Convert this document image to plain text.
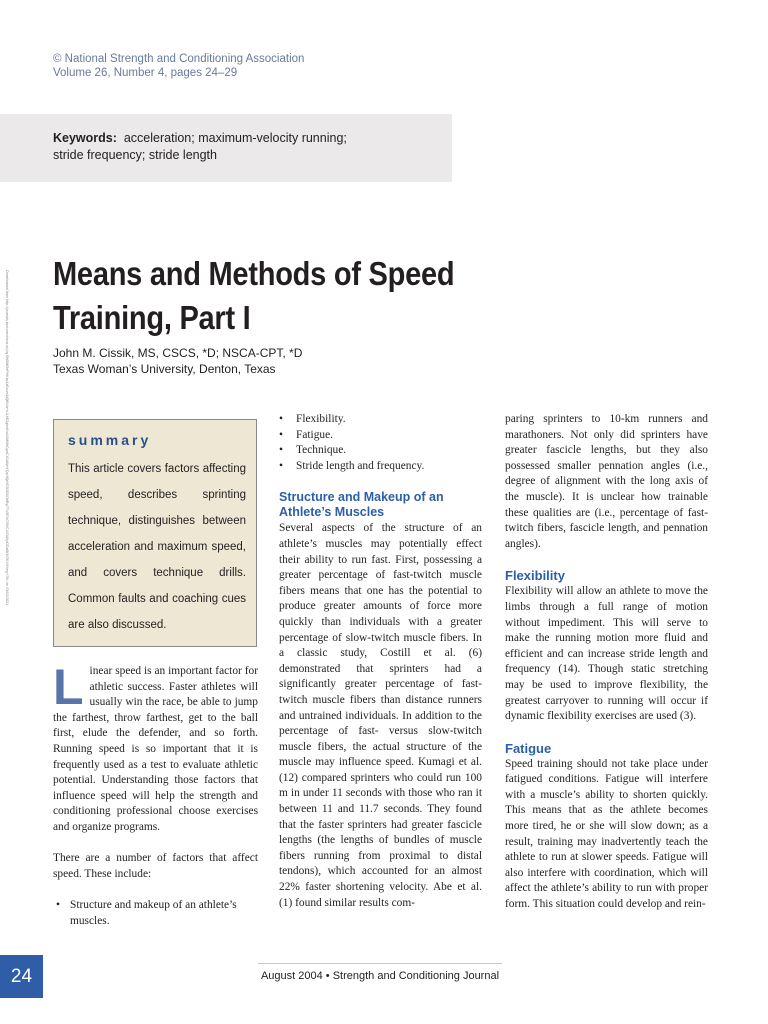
© National Strength and Conditioning Association
Volume 26, Number 4, pages 24–29
Keywords: acceleration; maximum-velocity running;
stride frequency; stride length
Downloaded from http://journals.lww.com/nsca-scj by BhDMf5ePHKav1zEoum1tQfN4a+kJLhEZgbsIHo4XMi0hCywCX1AWnYQp/IlQrHD3i3D0OdRyi7TvSFl4Cf3VC4/OAVpDDa8KKGKV0Ymy+78= on 03/02/2021 Means and Methods of Speed
Training, Part I
John M. Cissik, MS, CSCS, *D; NSCA-CPT, *D
Texas Woman’s University, Denton, Texas
summary
This article covers factors affecting speed, describes sprinting technique, distinguishes between acceleration and maximum speed, and covers technique drills. Common faults and coaching cues are also discussed.

Linear speed is an important factor for athletic success. Faster athletes will usually win the race, be able to jump the farthest, throw farthest, get to the ball first, elude the defender, and so forth. Running speed is so important that it is frequently used as a test to evaluate athletic potential. Understanding those factors that influence speed will help the strength and conditioning professional choose exercises and organize programs.

There are a number of factors that affect speed. These include:

• Structure and makeup of an athlete’s muscles.
• Flexibility.
• Fatigue.
• Technique.
• Stride length and frequency.
Structure and Makeup of an Athlete’s Muscles

Several aspects of the structure of an athlete’s muscles may potentially effect their ability to run fast. First, possessing a greater percentage of fast-twitch muscle fibers means that one has the potential to produce greater amounts of force more quickly than individuals with a greater percentage of slow-twitch muscle fibers. In a classic study, Costill et al. (6) demonstrated that sprinters had a significantly greater percentage of fast-twitch muscle fibers than distance runners and untrained individuals. In addition to the percentage of fast- versus slow-twitch muscle fibers, the actual structure of the muscle may influence speed. Kumagi et al. (12) compared sprinters who could run 100 m in under 11 seconds with those who ran it between 11 and 11.7 seconds. They found that the faster sprinters had greater fascicle lengths (the lengths of bundles of muscle fibers running from proximal to distal tendons), which accounted for an almost 22% faster shortening velocity. Abe et al. (1) found similar results com-

paring sprinters to 10-km runners and marathoners. Not only did sprinters have greater fascicle lengths, but they also possessed smaller pennation angles (i.e., degree of alignment with the long axis of the muscle). It is unclear how trainable these qualities are (i.e., percentage of fast-twitch fibers, fascicle length, and pennation angles).

Flexibility

Flexibility will allow an athlete to move the limbs through a full range of motion without impediment. This will serve to make the running motion more fluid and efficient and can increase stride length and frequency (14). Though static stretching may be used to improve flexibility, the greatest carryover to running will occur if dynamic flexibility exercises are used (3).

Fatigue

Speed training should not take place under fatigued conditions. Fatigue will interfere with a muscle’s ability to shorten quickly. This means that as the athlete becomes more tired, he or she will slow down; as a result, training may inadvertently teach the athlete to run at slower speeds. Fatigue will also interfere with coordination, which will affect the athlete’s ability to run with proper form. This situation could develop and rein-

24	August 2004 • Strength and Conditioning Journal
